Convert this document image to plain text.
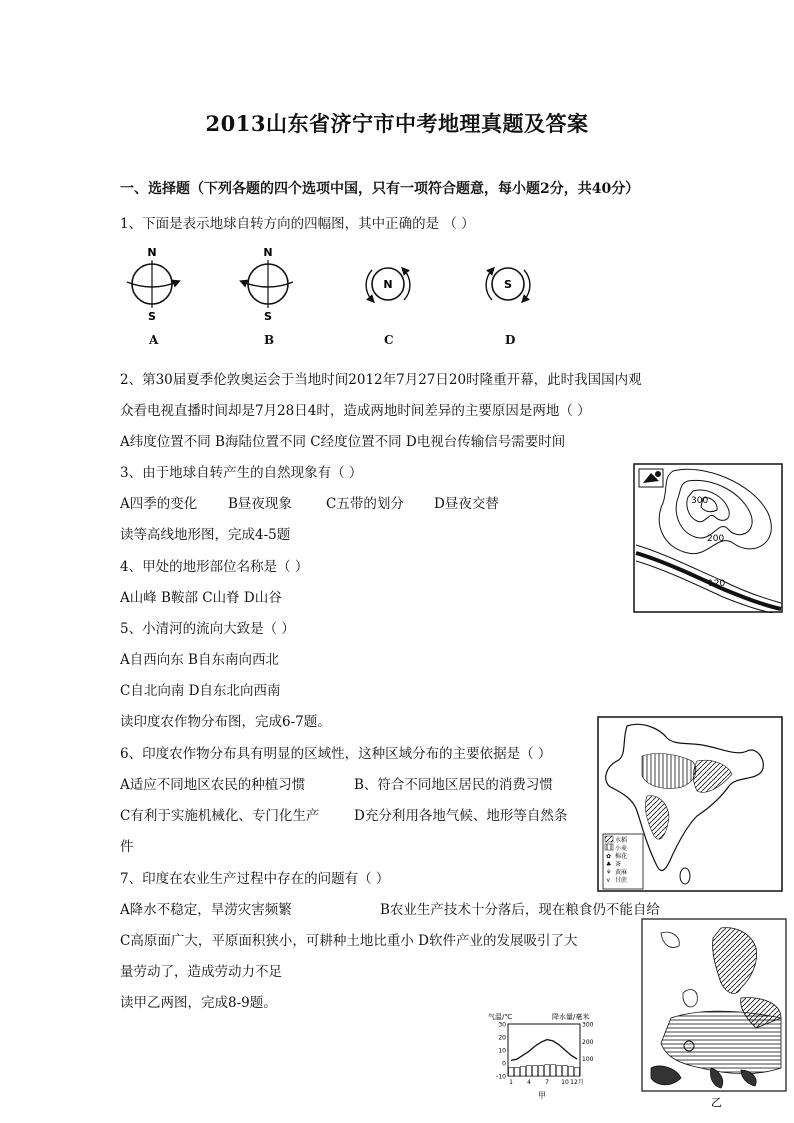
2013山东省济宁市中考地理真题及答案
一、选择题（下列各题的四个选项中国，只有一项符合题意，每小题2分，共40分）
1、下面是表示地球自转方向的四幅图，其中正确的是 （ ）
N
S
N
S
N	S
A	B	C	D
2、第30届夏季伦敦奥运会于当地时间2012年7月27日20时隆重开幕，此时我国国内观
众看电视直播时间却是7月28日4时，造成两地时间差异的主要原因是两地（ ）
A纬度位置不同 B海陆位置不同 C经度位置不同 D电视台传输信号需要时间
3、由于地球自转产生的自然现象有（ ）
A四季的变化 B昼夜现象	C五带的划分 D昼夜交替
读等高线地形图，完成4-5题
4、甲处的地形部位名称是（ ）
A山峰 B鞍部 C山脊 D山谷
5、小清河的流向大致是（ ）
A自西向东 B自东南向西北
C自北向南 D自东北向西南
读印度农作物分布图，完成6-7题。
300
200
120
6、印度农作物分布具有明显的区域性，这种区域分布的主要依据是（ ）
A适应不同地区农民的种植习惯	B、符合不同地区居民的消费习惯
C有利于实施机械化、专门化生产	D充分利用各地气候、地形等自然条
件	水稻
小麦
✿ 棉花
♣ 茶
⚘ 黄麻
⋎ 甘蔗
7、印度在农业生产过程中存在的问题有（ ）
A降水不稳定，旱涝灾害频繁	B农业生产技术十分落后，现在粮食仍不能自给
C高原面广大，平原面积狭小，可耕种土地比重小 D软件产业的发展吸引了大
量劳动了，造成劳动力不足
读甲乙两图，完成8-9题。
乙
气温/℃	降水量/毫米
30
20
10
0
-10
300
200
100
1 4 7 10 12月
甲
